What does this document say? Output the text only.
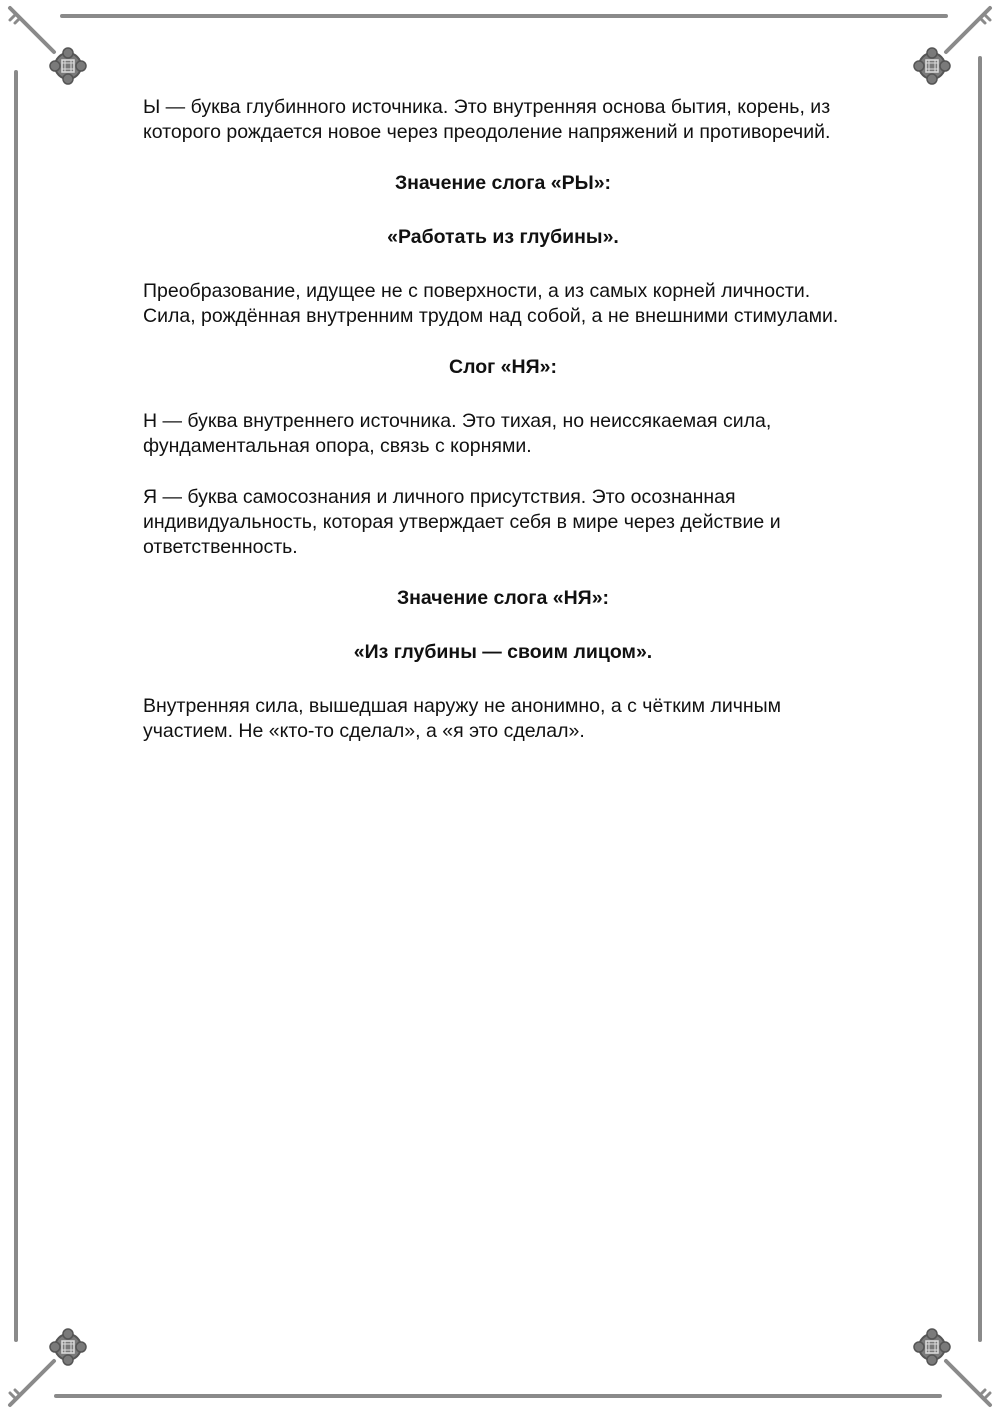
Ы — буква глубинного источника. Это внутренняя основа бытия, корень, из которого рождается новое через преодоление напряжений и противоречий.

Значение слога «РЫ»:

«Работать из глубины».

Преобразование, идущее не с поверхности, а из самых корней личности. Сила, рождённая внутренним трудом над собой, а не внешними стимулами.

Слог «НЯ»:

Н — буква внутреннего источника. Это тихая, но неиссякаемая сила, фундаментальная опора, связь с корнями.

Я — буква самосознания и личного присутствия. Это осознанная индивидуальность, которая утверждает себя в мире через действие и ответственность.

Значение слога «НЯ»:

«Из глубины — своим лицом».

Внутренняя сила, вышедшая наружу не анонимно, а с чётким личным участием. Не «кто-то сделал», а «я это сделал».
